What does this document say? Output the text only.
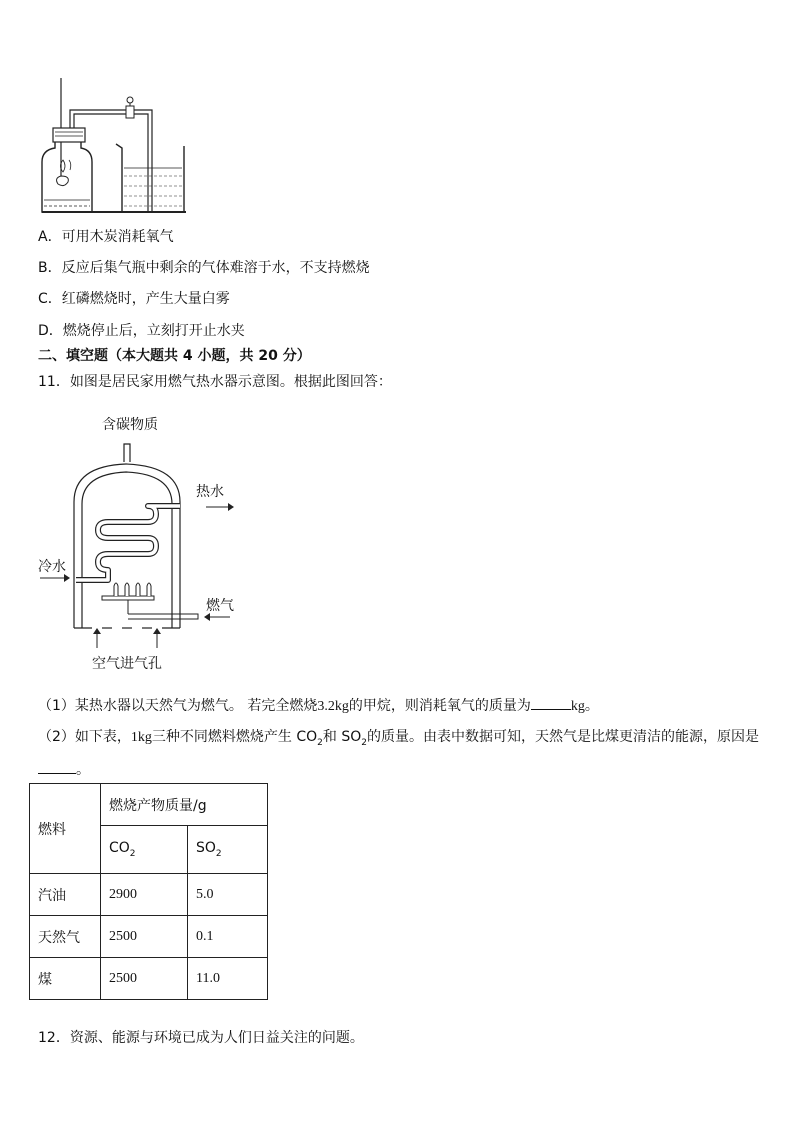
A．可用木炭消耗氧气
B．反应后集气瓶中剩余的气体难溶于水，不支持燃烧
C．红磷燃烧时，产生大量白雾
D．燃烧停止后，立刻打开止水夹
二、填空题（本大题共 4 小题，共 20 分）
11．如图是居民家用燃气热水器示意图。根据此图回答：
含碳物质
热水
冷水
燃气
空气进气孔
（1）某热水器以天然气为燃气。 若完全燃烧3.2kg的甲烷，则消耗氧气的质量为	kg。
（2）如下表，1kg三种不同燃料燃烧产生 $CO_2$和 $SO_2$的质量。由表中数据可知，天然气是比煤更清洁的能源，原因是
。
燃料	燃烧产物质量/g	
	$CO_2$	$SO_2$
汽油	2900	5.0
天然气	2500	0.1
煤	2500	11.0
12．资源、能源与环境已成为人们日益关注的问题。
